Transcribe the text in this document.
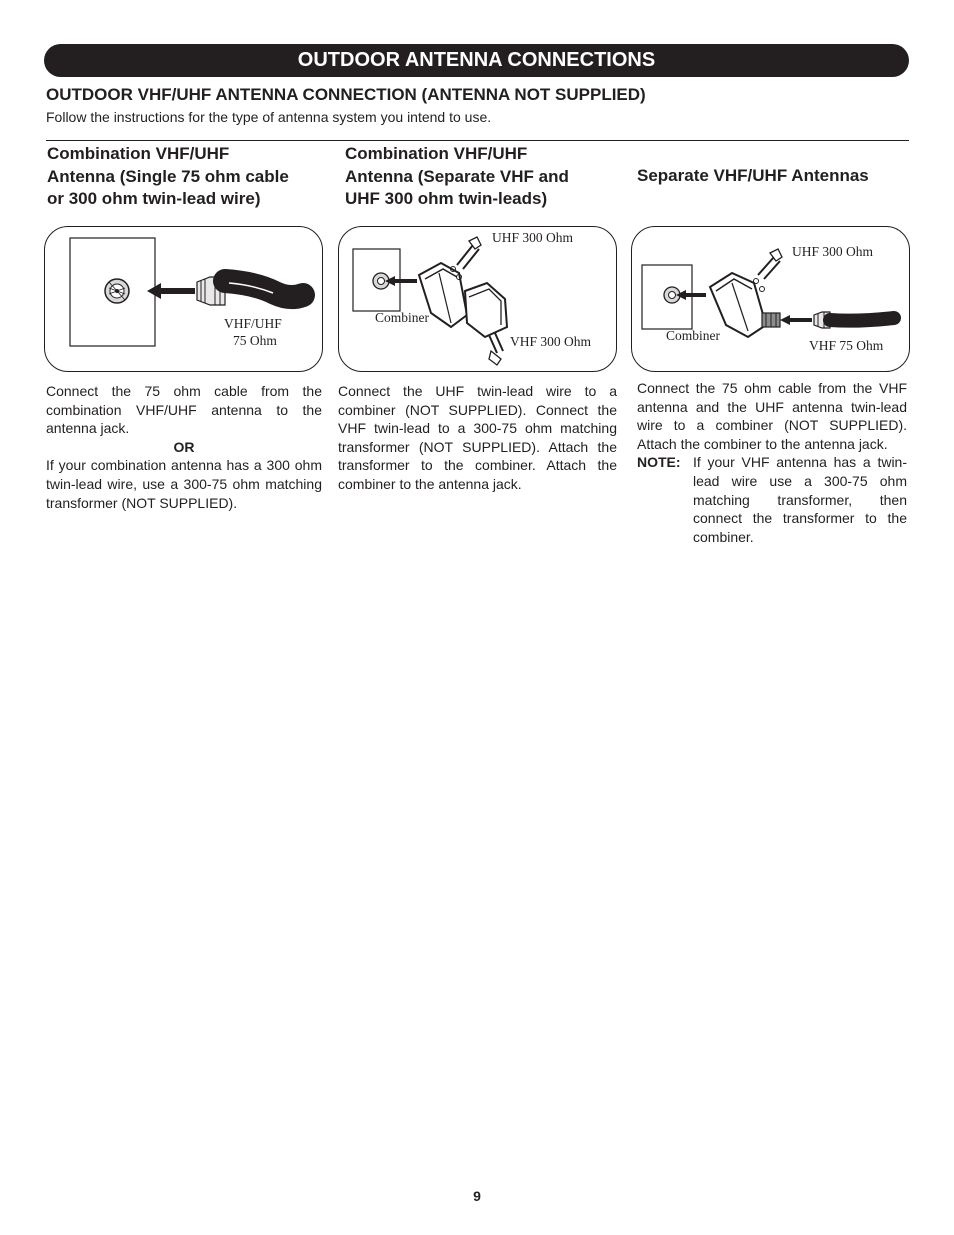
OUTDOOR ANTENNA CONNECTIONS
OUTDOOR VHF/UHF ANTENNA CONNECTION (ANTENNA NOT SUPPLIED)
Follow the instructions for the type of antenna system you intend to use.
Combination VHF/UHF
Antenna (Single 75 ohm cable
or 300 ohm twin-lead wire)
Combination VHF/UHF
Antenna (Separate VHF and
UHF 300 ohm twin-leads)
Separate VHF/UHF Antennas
VHF/UHF
75 Ohm
UHF 300 Ohm
Combiner
VHF 300 Ohm
UHF 300 Ohm
Combiner
VHF 75 Ohm

Connect the 75 ohm cable from the combination VHF/UHF antenna to the antenna jack.

OR

If your combination antenna has a 300 ohm twin-lead wire, use a 300-75 ohm matching transformer (NOT SUPPLIED).

Connect the UHF twin-lead wire to a combiner (NOT SUPPLIED). Connect the VHF twin-lead to a 300-75 ohm matching transformer (NOT SUPPLIED). Attach the transformer to the combiner. Attach the combiner to the antenna jack.

Connect the 75 ohm cable from the VHF antenna and the UHF antenna twin-lead wire to a combiner (NOT SUPPLIED). Attach the combiner to the antenna jack.

NOTE: If your VHF antenna has a twin-lead wire use a 300-75 ohm matching transformer, then connect the transformer to the combiner.
9
